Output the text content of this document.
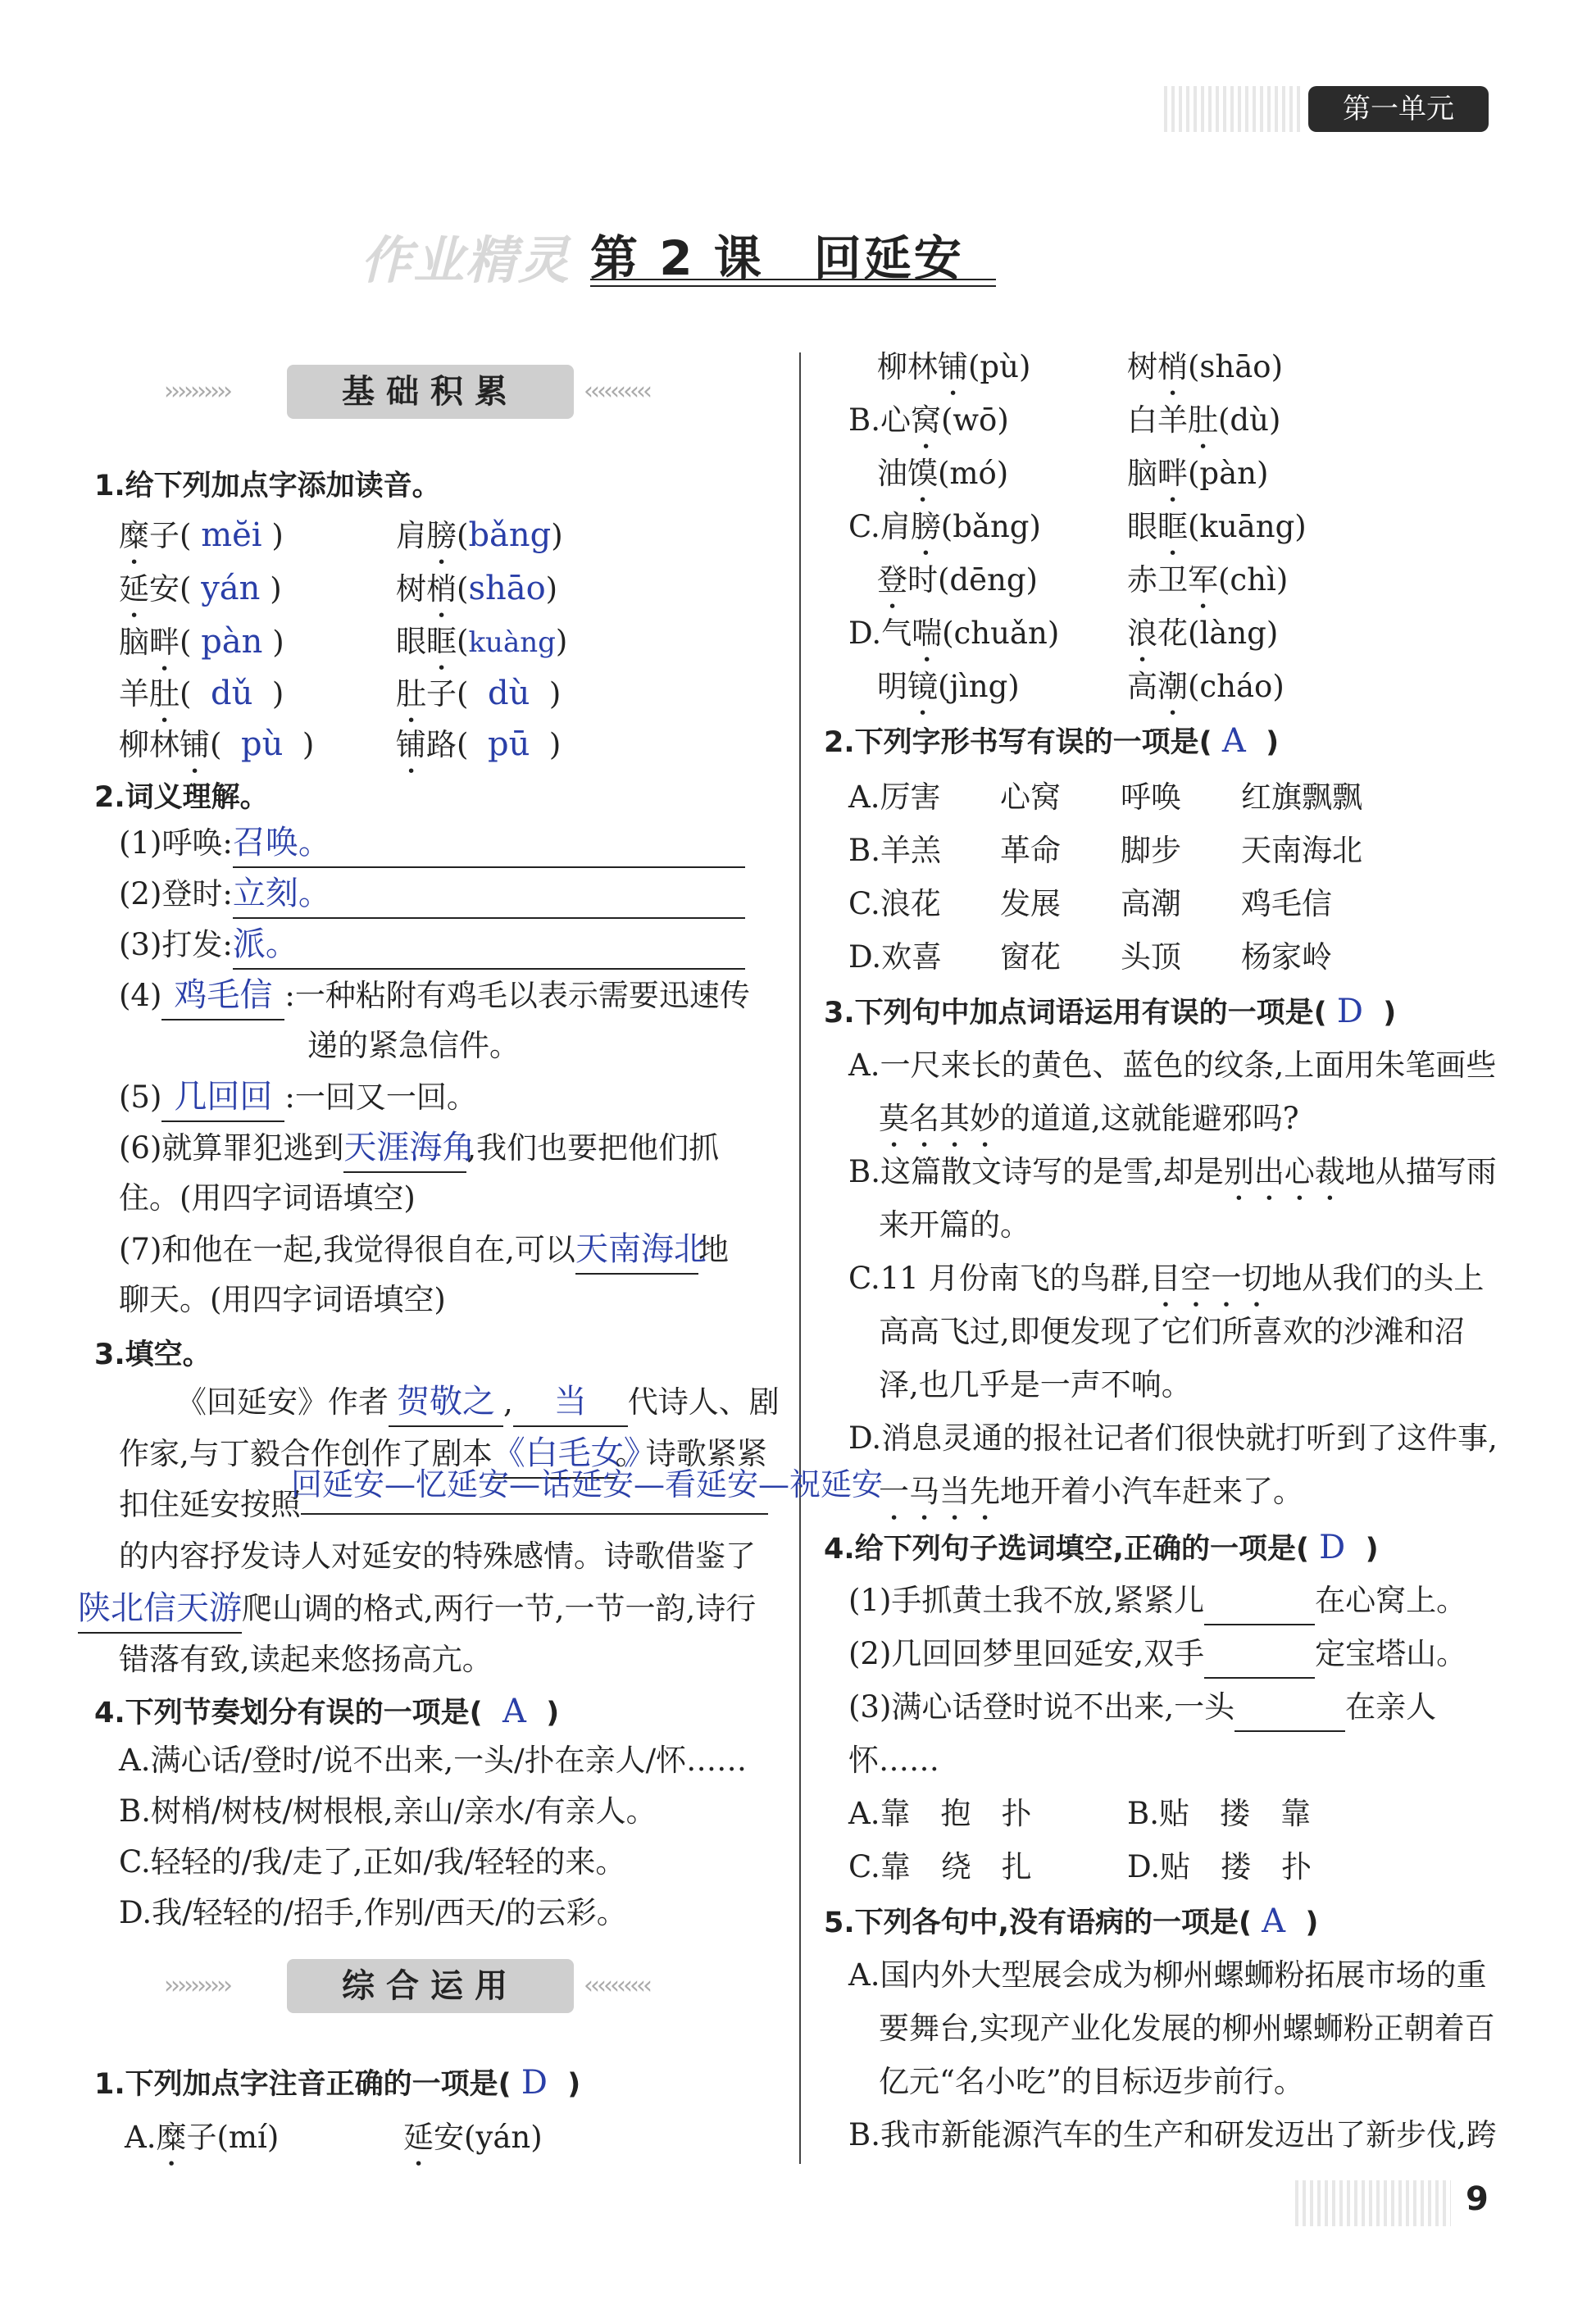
第一单元
作业精灵 第 2 课　回延安
››››››››››	基础积累	‹‹‹‹‹‹‹‹‹‹
1.给下列加点字添加读音。
糜子( mĕi )	肩膀(bǎng)
延安( yán )	树梢(shāo)
脑畔( pàn )	眼眶(kuàng)
羊肚( dǔ )	肚子( dù )
柳林铺( pù )	铺路( pū )
2.词义理解。
(1)呼唤:召唤。
(2)登时:立刻。
(3)打发:派。
(4) 鸡毛信 :一种粘附有鸡毛以表示需要迅速传
递的紧急信件。
(5) 几回回 :一回又一回。
(6)就算罪犯逃到天涯海角,我们也要把他们抓
住。(用四字词语填空)
(7)和他在一起,我觉得很自在,可以天南海北地
聊天。(用四字词语填空)
3.填空。
《回延安》作者 贺敬之 , 当 代诗人、剧
作家,与丁毅合作创作了剧本《白毛女》。诗歌紧紧
扣住延安按照
回延安—忆延安—话延安—看延安—祝延安
的内容抒发诗人对延安的特殊感情。诗歌借鉴了
陕北信天游爬山调的格式,两行一节,一节一韵,诗行
错落有致,读起来悠扬高亢。
4.下列节奏划分有误的一项是( A )
A.满心话/登时/说不出来,一头/扑在亲人/怀……
B.树梢/树枝/树根根,亲山/亲水/有亲人。
C.轻轻的/我/走了,正如/我/轻轻的来。
D.我/轻轻的/招手,作别/西天/的云彩。
››››››››››	综合运用	‹‹‹‹‹‹‹‹‹‹
1.下列加点字注音正确的一项是( D )
A.糜子(mí)	延安(yán)
柳林铺(pù)	树梢(shāo)
B.心窝(wō)	白羊肚(dù)
油馍(mó)	脑畔(pàn)
C.肩膀(bǎng)	眼眶(kuāng)
登时(dēng)	赤卫军(chì)
D.气喘(chuǎn) 浪花(làng)
明镜(jìng)	高潮(cháo)
2.下列字形书写有误的一项是( A )
A.厉害 心窝 呼唤 红旗飘飘
B.羊羔 革命 脚步 天南海北
C.浪花 发展 高潮 鸡毛信
D.欢喜 窗花 头顶 杨家岭
3.下列句中加点词语运用有误的一项是( D )
A.一尺来长的黄色、蓝色的纹条,上面用朱笔画些
莫名其妙的道道,这就能避邪吗?
B.这篇散文诗写的是雪,却是别出心裁地从描写雨
来开篇的。
C.11 月份南飞的鸟群,目空一切地从我们的头上
高高飞过,即便发现了它们所喜欢的沙滩和沼
泽,也几乎是一声不响。
D.消息灵通的报社记者们很快就打听到了这件事,
一马当先地开着小汽车赶来了。
4.给下列句子选词填空,正确的一项是( D )
(1)手抓黄土我不放,紧紧儿	在心窝上。
(2)几回回梦里回延安,双手	定宝塔山。
(3)满心话登时说不出来,一头	在亲人
怀……
A.靠　抱　扑	B.贴　搂　靠
C.靠　绕　扎	D.贴　搂　扑
5.下列各句中,没有语病的一项是( A )
A.国内外大型展会成为柳州螺蛳粉拓展市场的重
要舞台,实现产业化发展的柳州螺蛳粉正朝着百
亿元“名小吃”的目标迈步前行。
B.我市新能源汽车的生产和研发迈出了新步伐,跨
9
